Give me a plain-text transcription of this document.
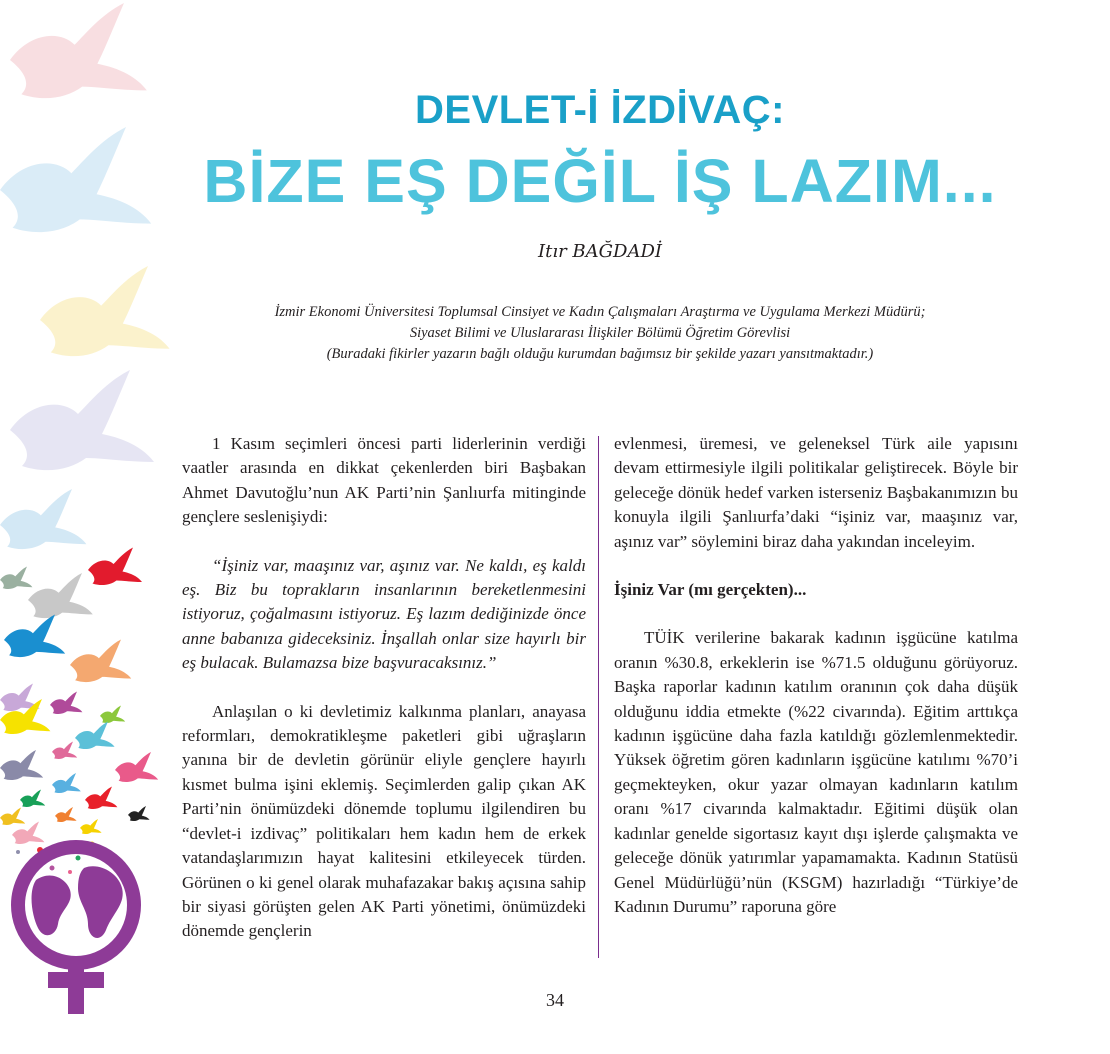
DEVLET-İ İZDİVAÇ:
BİZE EŞ DEĞİL İŞ LAZIM...
Itır BAĞDADİ
İzmir Ekonomi Üniversitesi Toplumsal Cinsiyet ve Kadın Çalışmaları Araştırma ve Uygulama Merkezi Müdürü;
Siyaset Bilimi ve Uluslararası İlişkiler Bölümü Öğretim Görevlisi
(Buradaki fikirler yazarın bağlı olduğu kurumdan bağımsız bir şekilde yazarı yansıtmaktadır.)

1 Kasım seçimleri öncesi parti liderlerinin verdiği vaatler arasında en dikkat çekenlerden biri Başbakan Ahmet Davutoğlu’nun AK Parti’nin Şanlıurfa mitinginde gençlere seslenişiydi:

“İşiniz var, maaşınız var, aşınız var. Ne kaldı, eş kaldı eş. Biz bu toprakların insanlarının bereketlenmesini istiyoruz, çoğalmasını istiyoruz. Eş lazım dediğinizde önce anne babanıza gideceksiniz. İnşallah onlar size hayırlı bir eş bulacak. Bulamazsa bize başvuracaksınız.”

Anlaşılan o ki devletimiz kalkınma planları, anayasa reformları, demokratikleşme paketleri gibi uğraşların yanına bir de devletin görünür eliyle gençlere hayırlı kısmet bulma işini eklemiş. Seçimlerden galip çıkan AK Parti’nin önümüzdeki dönemde toplumu ilgilendiren bu “devlet-i izdivaç” politikaları hem kadın hem de erkek vatandaşlarımızın hayat kalitesini etkileyecek türden. Görünen o ki genel olarak muhafazakar bakış açısına sahip bir siyasi görüşten gelen AK Parti yönetimi, önümüzdeki dönemde gençlerin

evlenmesi, üremesi, ve geleneksel Türk aile yapısını devam ettirmesiyle ilgili politikalar geliştirecek. Böyle bir geleceğe dönük hedef varken isterseniz Başbakanımızın bu konuyla ilgili Şanlıurfa’daki “işiniz var, maaşınız var, aşınız var” söylemini biraz daha yakından inceleyim.

İşiniz Var (mı gerçekten)...

TÜİK verilerine bakarak kadının işgücüne katılma oranın %30.8, erkeklerin ise %71.5 olduğunu görüyoruz. Başka raporlar kadının katılım oranının çok daha düşük olduğunu iddia etmekte (%22 civarında). Eğitim arttıkça kadının işgücüne daha fazla katıldığı gözlemlenmektedir. Yüksek öğretim gören kadınların işgücüne katılımı %70’i geçmekteyken, okur yazar olmayan kadınların katılım oranı %17 civarında kalmaktadır. Eğitimi düşük olan kadınlar genelde sigortasız kayıt dışı işlerde çalışmakta ve geleceğe dönük yatırımlar yapamamakta. Kadının Statüsü Genel Müdürlüğü’nün (KSGM) hazırladığı “Türkiye’de Kadının Durumu” raporuna göre

34
